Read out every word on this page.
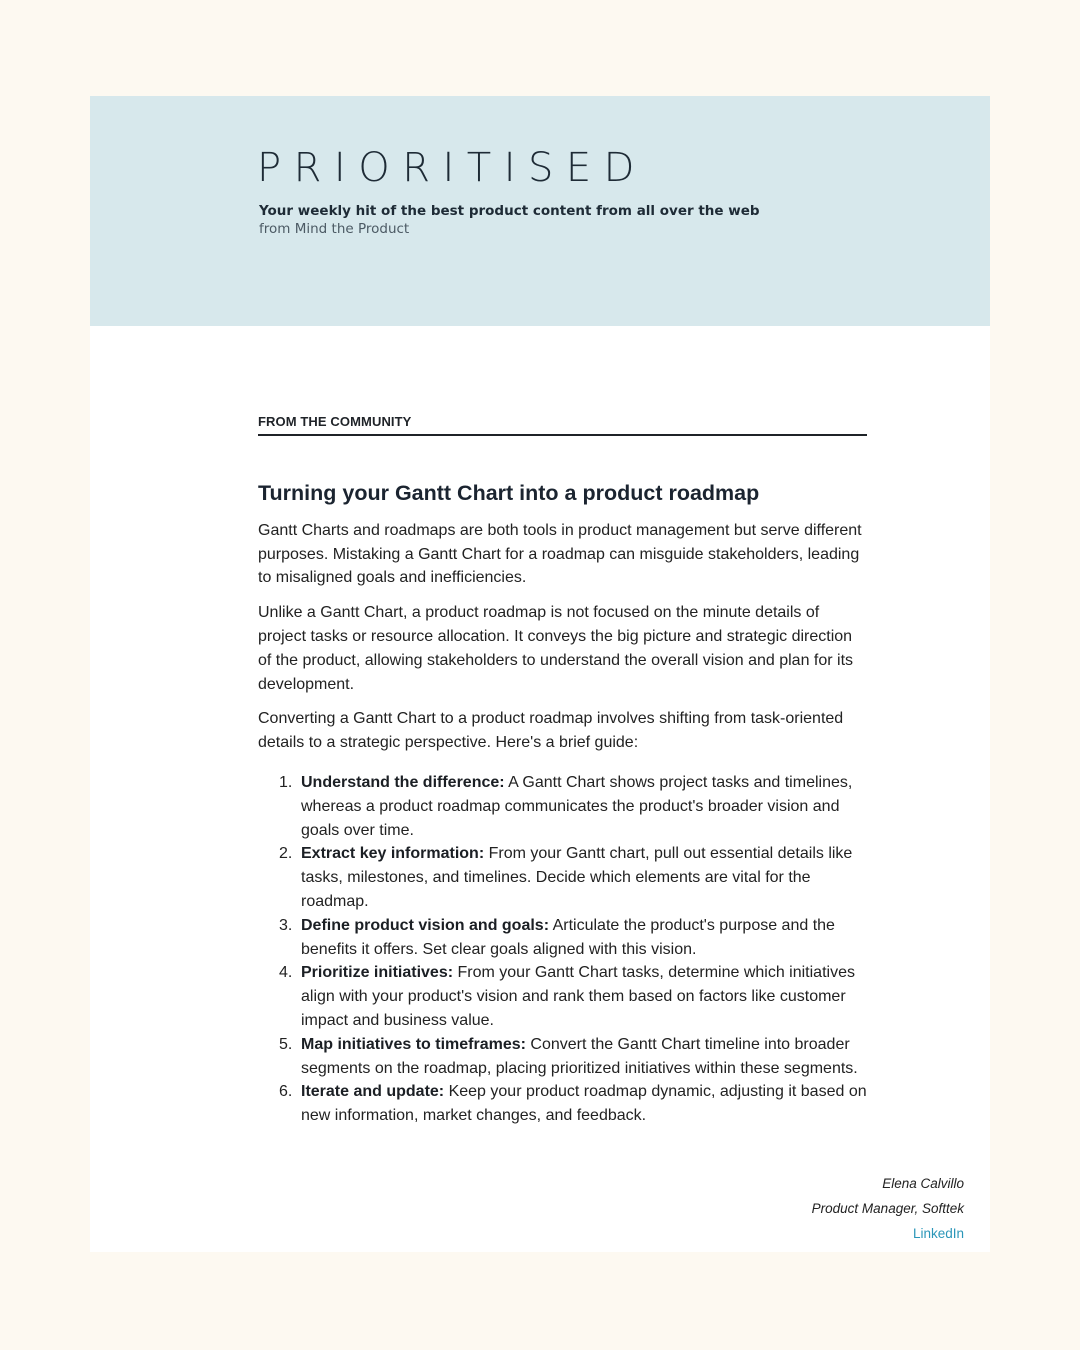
PRIORITISED
Your weekly hit of the best product content from all over the web
from Mind the Product
FROM THE COMMUNITY
Turning your Gantt Chart into a product roadmap

Gantt Charts and roadmaps are both tools in product management but serve different purposes. Mistaking a Gantt Chart for a roadmap can misguide stakeholders, leading to misaligned goals and inefficiencies.

Unlike a Gantt Chart, a product roadmap is not focused on the minute details of project tasks or resource allocation. It conveys the big picture and strategic direction of the product, allowing stakeholders to understand the overall vision and plan for its development.

Converting a Gantt Chart to a product roadmap involves shifting from task-oriented details to a strategic perspective. Here's a brief guide:

1. Understand the difference: A Gantt Chart shows project tasks and timelines, whereas a product roadmap communicates the product's broader vision and goals over time.
2. Extract key information: From your Gantt chart, pull out essential details like tasks, milestones, and timelines. Decide which elements are vital for the roadmap.
3. Define product vision and goals: Articulate the product's purpose and the benefits it offers. Set clear goals aligned with this vision.
4. Prioritize initiatives: From your Gantt Chart tasks, determine which initiatives align with your product's vision and rank them based on factors like customer impact and business value.
5. Map initiatives to timeframes: Convert the Gantt Chart timeline into broader segments on the roadmap, placing prioritized initiatives within these segments.
6. Iterate and update: Keep your product roadmap dynamic, adjusting it based on new information, market changes, and feedback.
Elena Calvillo
Product Manager, Softtek
LinkedIn
